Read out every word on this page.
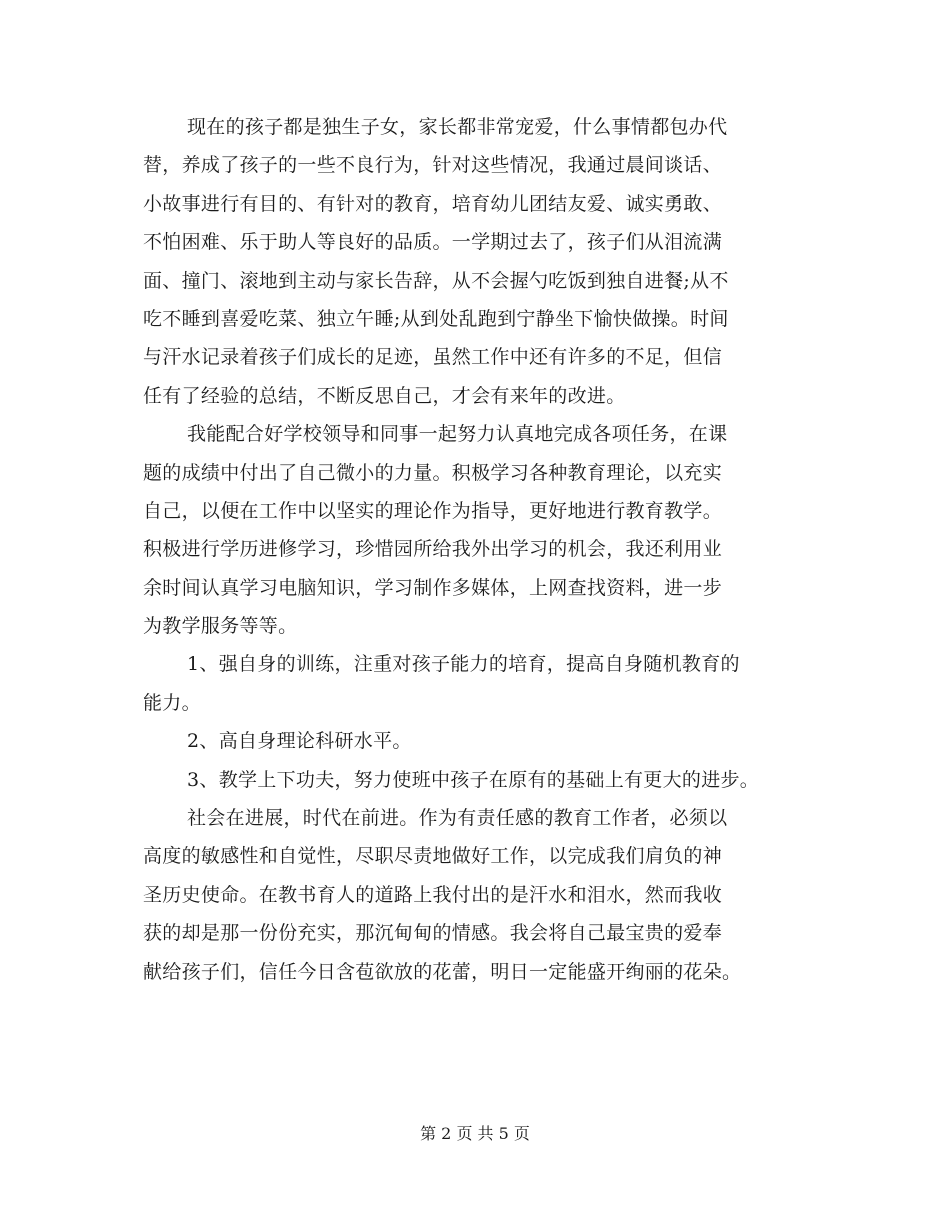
现在的孩子都是独生子女，家长都非常宠爱，什么事情都包办代
替，养成了孩子的一些不良行为，针对这些情况，我通过晨间谈话、
小故事进行有目的、有针对的教育，培育幼儿团结友爱、诚实勇敢、
不怕困难、乐于助人等良好的品质。一学期过去了，孩子们从泪流满
面、撞门、滚地到主动与家长告辞，从不会握勺吃饭到独自进餐;从不
吃不睡到喜爱吃菜、独立午睡;从到处乱跑到宁静坐下愉快做操。时间
与汗水记录着孩子们成长的足迹，虽然工作中还有许多的不足，但信
任有了经验的总结，不断反思自己，才会有来年的改进。
我能配合好学校领导和同事一起努力认真地完成各项任务，在课
题的成绩中付出了自己微小的力量。积极学习各种教育理论，以充实
自己，以便在工作中以坚实的理论作为指导，更好地进行教育教学。
积极进行学历进修学习，珍惜园所给我外出学习的机会，我还利用业
余时间认真学习电脑知识，学习制作多媒体，上网查找资料，进一步
为教学服务等等。
1、强自身的训练，注重对孩子能力的培育，提高自身随机教育的
能力。
2、高自身理论科研水平。
3、教学上下功夫，努力使班中孩子在原有的基础上有更大的进步。
社会在进展，时代在前进。作为有责任感的教育工作者，必须以
高度的敏感性和自觉性，尽职尽责地做好工作，以完成我们肩负的神
圣历史使命。在教书育人的道路上我付出的是汗水和泪水，然而我收
获的却是那一份份充实，那沉甸甸的情感。我会将自己最宝贵的爱奉
献给孩子们，信任今日含苞欲放的花蕾，明日一定能盛开绚丽的花朵。
第 2 页 共 5 页
